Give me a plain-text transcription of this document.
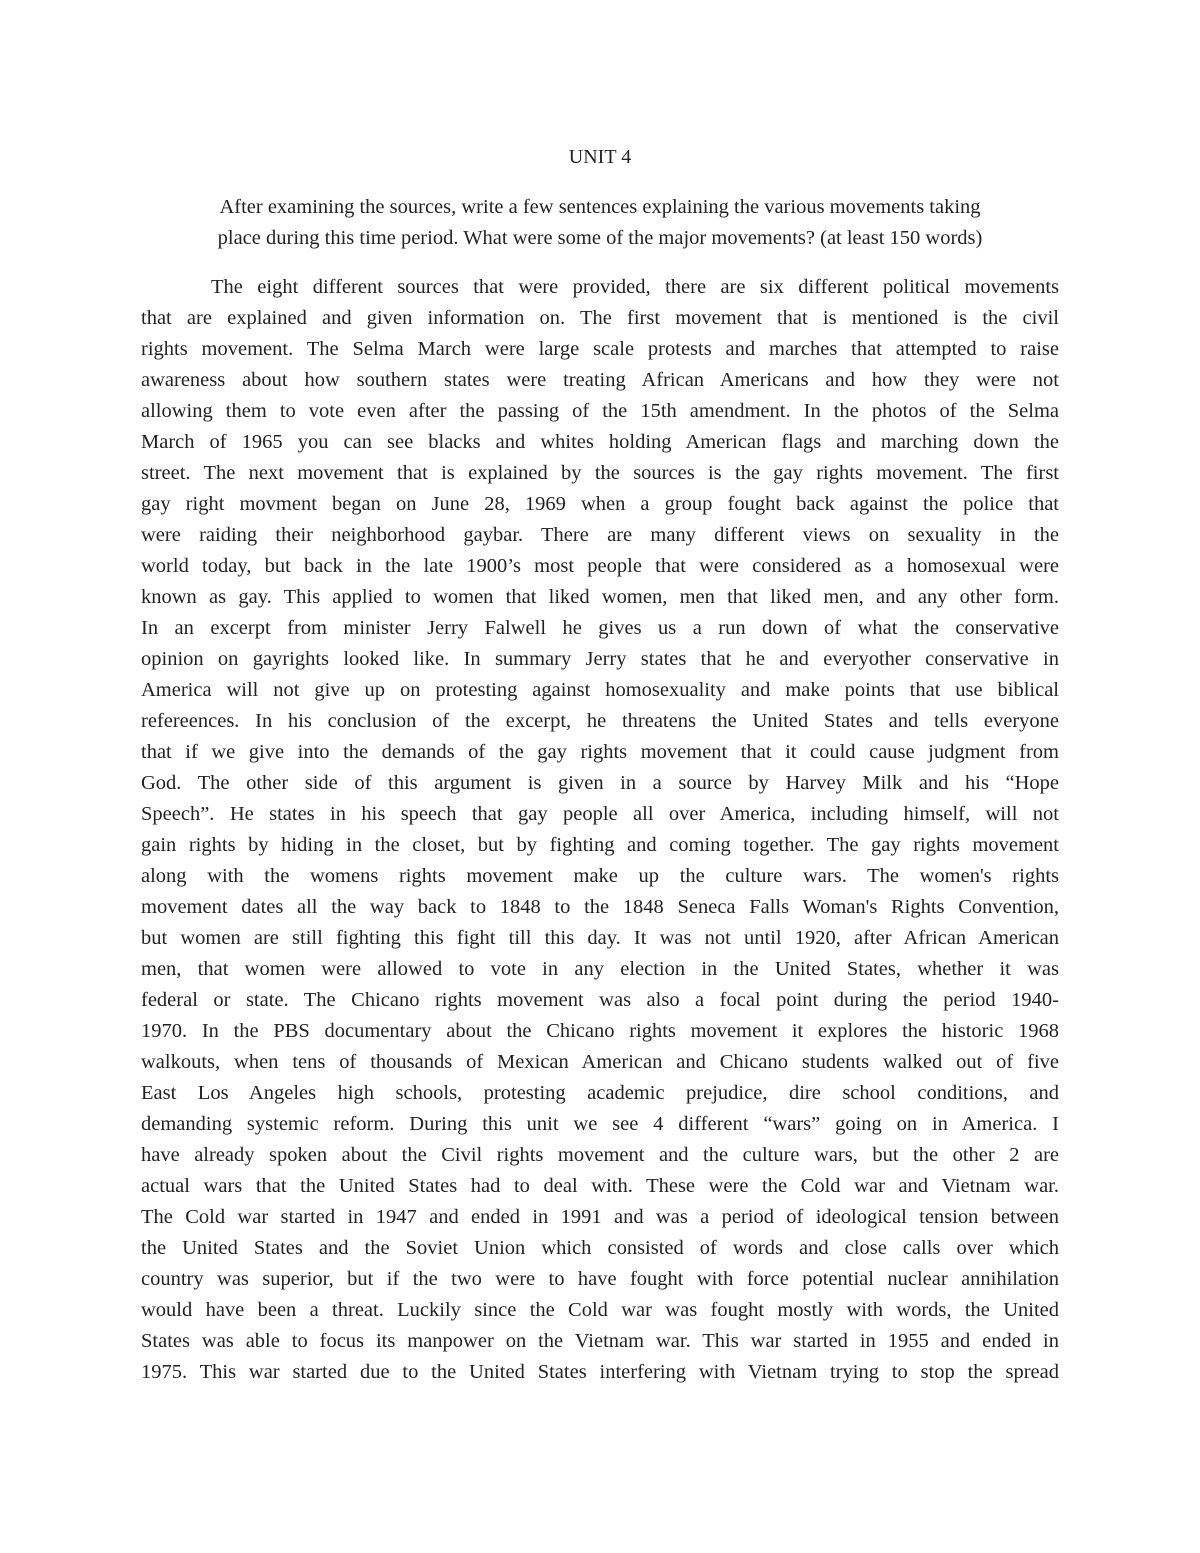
UNIT 4
After examining the sources, write a few sentences explaining the various movements taking
place during this time period. What were some of the major movements? (at least 150 words)
The eight different sources that were provided, there are six different political movements
that are explained and given information on. The first movement that is mentioned is the civil
rights movement. The Selma March were large scale protests and marches that attempted to raise
awareness about how southern states were treating African Americans and how they were not
allowing them to vote even after the passing of the 15th amendment. In the photos of the Selma
March of 1965 you can see blacks and whites holding American flags and marching down the
street. The next movement that is explained by the sources is the gay rights movement. The first
gay right movment began on June 28, 1969 when a group fought back against the police that
were raiding their neighborhood gaybar. There are many different views on sexuality in the
world today, but back in the late 1900’s most people that were considered as a homosexual were
known as gay. This applied to women that liked women, men that liked men, and any other form.
In an excerpt from minister Jerry Falwell he gives us a run down of what the conservative
opinion on gayrights looked like. In summary Jerry states that he and everyother conservative in
America will not give up on protesting against homosexuality and make points that use biblical
refereences. In his conclusion of the excerpt, he threatens the United States and tells everyone
that if we give into the demands of the gay rights movement that it could cause judgment from
God. The other side of this argument is given in a source by Harvey Milk and his “Hope
Speech”. He states in his speech that gay people all over America, including himself, will not
gain rights by hiding in the closet, but by fighting and coming together. The gay rights movement
along with the womens rights movement make up the culture wars. The women's rights
movement dates all the way back to 1848 to the 1848 Seneca Falls Woman's Rights Convention,
but women are still fighting this fight till this day. It was not until 1920, after African American
men, that women were allowed to vote in any election in the United States, whether it was
federal or state. The Chicano rights movement was also a focal point during the period 1940-
1970. In the PBS documentary about the Chicano rights movement it explores the historic 1968
walkouts, when tens of thousands of Mexican American and Chicano students walked out of five
East Los Angeles high schools, protesting academic prejudice, dire school conditions, and
demanding systemic reform. During this unit we see 4 different “wars” going on in America. I
have already spoken about the Civil rights movement and the culture wars, but the other 2 are
actual wars that the United States had to deal with. These were the Cold war and Vietnam war.
The Cold war started in 1947 and ended in 1991 and was a period of ideological tension between
the United States and the Soviet Union which consisted of words and close calls over which
country was superior, but if the two were to have fought with force potential nuclear annihilation
would have been a threat. Luckily since the Cold war was fought mostly with words, the United
States was able to focus its manpower on the Vietnam war. This war started in 1955 and ended in
1975. This war started due to the United States interfering with Vietnam trying to stop the spread
